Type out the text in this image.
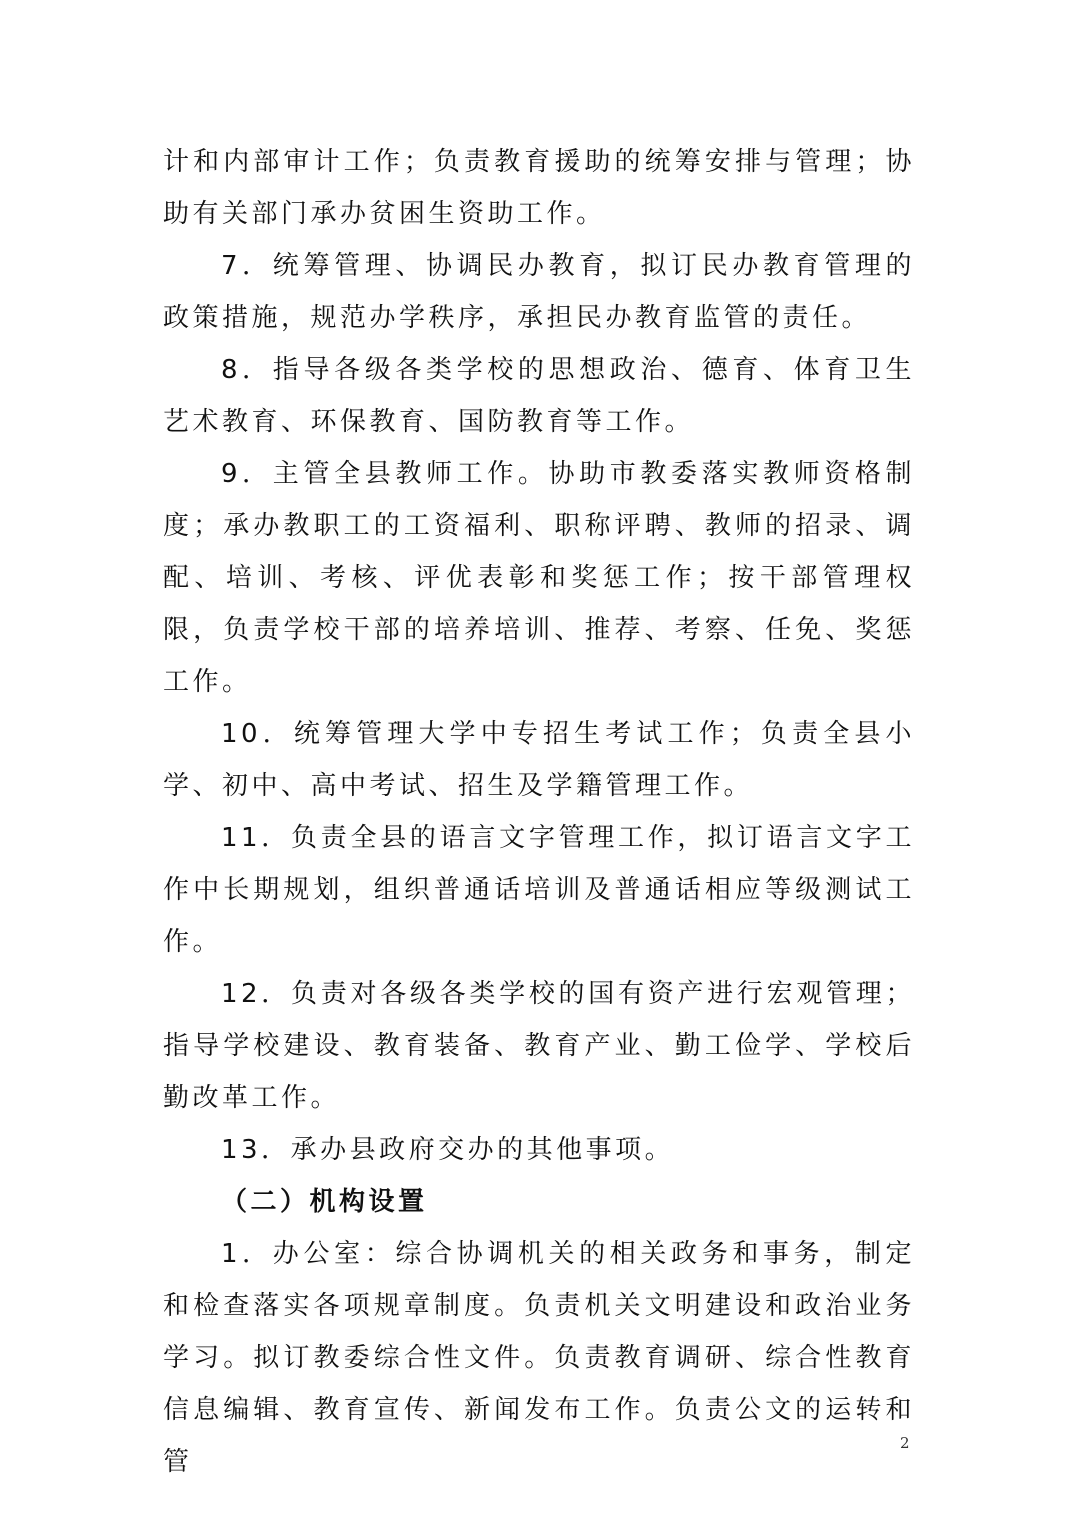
计和内部审计工作；负责教育援助的统筹安排与管理；协助有关部门承办贫困生资助工作。

7．统筹管理、协调民办教育，拟订民办教育管理的政策措施，规范办学秩序，承担民办教育监管的责任。

8．指导各级各类学校的思想政治、德育、体育卫生艺术教育、环保教育、国防教育等工作。

9．主管全县教师工作。协助市教委落实教师资格制度；承办教职工的工资福利、职称评聘、教师的招录、调配、培训、考核、评优表彰和奖惩工作；按干部管理权限，负责学校干部的培养培训、推荐、考察、任免、奖惩工作。

10．统筹管理大学中专招生考试工作；负责全县小学、初中、高中考试、招生及学籍管理工作。

11．负责全县的语言文字管理工作，拟订语言文字工作中长期规划，组织普通话培训及普通话相应等级测试工作。

12．负责对各级各类学校的国有资产进行宏观管理；指导学校建设、教育装备、教育产业、勤工俭学、学校后勤改革工作。

13．承办县政府交办的其他事项。

（二）机构设置

1．办公室：综合协调机关的相关政务和事务，制定和检查落实各项规章制度。负责机关文明建设和政治业务学习。拟订教委综合性文件。负责教育调研、综合性教育信息编辑、教育宣传、新闻发布工作。负责公文的运转和管

2
